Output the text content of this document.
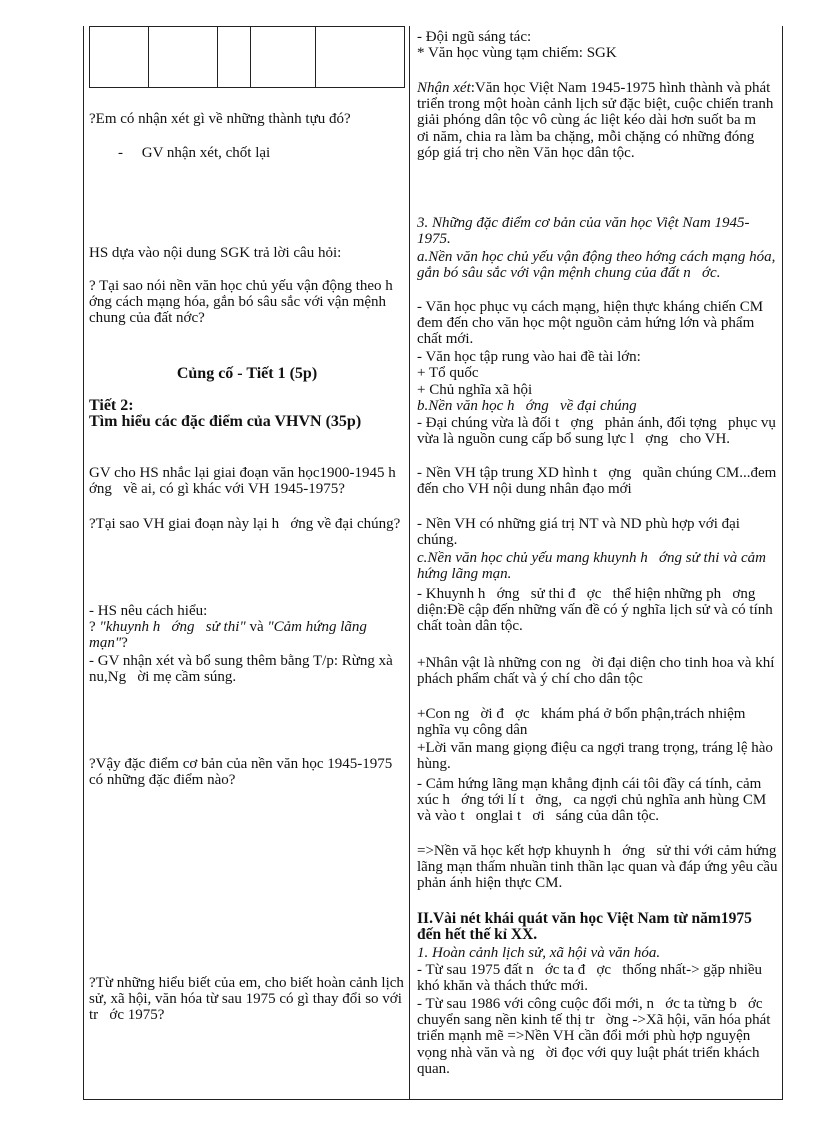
?Em có nhận xét gì về những thành tựu đó?

-     GV nhận xét, chốt lại

HS dựa vào nội dung SGK trả lời câu hỏi:

? Tại sao nói nền văn học chủ yếu vận động theo h   ớng cách mạng hóa, gắn bó sâu sắc với vận mệnh chung của đất nớc?

Củng cố - Tiết 1 (5p)

Tiết 2:

Tìm hiểu các đặc điểm của VHVN (35p)

GV cho HS nhắc lại giai đoạn văn học1900-1945 h   ớng   về ai, có gì khác với VH 1945-1975?

?Tại sao VH giai đoạn này lại h   ớng về đại chúng?

- HS nêu cách hiểu:

? "khuynh h   ớng   sử thi" và "Cảm hứng lãng mạn"?

- GV nhận xét và bổ sung thêm bằng T/p: Rừng xà nu,Ng   ời mẹ cầm súng.

?Vậy đặc điểm cơ bản của nền văn học 1945-1975 có những đặc điểm nào?

?Từ những hiểu biết của em, cho biết hoàn cảnh lịch sử, xã hội, văn hóa từ sau 1975 có gì thay đổi so với tr   ớc 1975?

- Đội ngũ sáng tác:

* Văn học vùng tạm chiếm: SGK

Nhận xét:Văn học Việt Nam 1945-1975 hình thành và phát triển trong một hoàn cảnh lịch sử đặc biệt, cuộc chiến tranh giải phóng dân tộc vô cùng ác liệt kéo dài hơn suốt ba m   ơi năm, chia ra làm ba chặng, mỗi chặng có những đóng góp giá trị cho nền Văn học dân tộc.

3. Những đặc điểm cơ bản của văn học Việt Nam 1945-1975.

a.Nền văn học chủ yếu vận động theo hớng cách mạng hóa, gắn bó sâu sắc với vận mệnh chung của đất n   ớc.

- Văn học phục vụ cách mạng, hiện thực kháng chiến CM đem đến cho văn học một nguồn cảm hứng lớn và phẩm chất mới.

- Văn học tập rung vào hai đề tài lớn:

+ Tổ quốc

+ Chủ nghĩa xã hội

b.Nền văn học h   ớng   về đại chúng

- Đại chúng vừa là đối t   ợng   phản ánh, đối tợng   phục vụ vừa là nguồn cung cấp bổ sung lực l   ợng   cho VH.

- Nền VH tập trung XD hình t   ợng   quần chúng CM...đem  đến cho VH nội dung nhân đạo mới

- Nền VH có những giá trị NT và ND phù hợp với đại chúng.

c.Nền văn học chủ yếu mang khuynh h   ớng sử thi và cảm hứng lãng mạn.

- Khuynh h   ớng   sử thi đ   ợc   thể hiện những ph   ơng diện:Đề cập đến những vấn đề có ý nghĩa lịch sử và có tính chất toàn dân tộc.

+Nhân vật là những con ng   ời đại diện cho tinh hoa và khí phách phẩm chất và ý chí cho dân tộc

+Con ng   ời đ   ợc   khám phá ở bổn phận,trách nhiệm nghĩa vụ công dân

+Lời văn mang giọng điệu ca ngợi trang trọng, tráng lệ hào hùng.

- Cảm hứng lãng mạn khẳng định cái tôi đầy cá tính, cảm xúc h   ớng tới lí t   ởng,   ca ngợi chủ nghĩa anh hùng CM và vào t   onglai t   ơi   sáng của dân tộc.

=>Nền vă học kết hợp khuynh h   ớng   sử thi với cảm hứng lãng mạn thấm nhuần tinh thần lạc quan và đáp ứng yêu cầu phản ánh hiện thực CM.

II.Vài nét khái quát văn học Việt Nam từ năm1975 đến hết thế kỉ XX.

1. Hoàn cảnh lịch sử, xã hội và văn hóa.

- Từ sau 1975 đất n   ớc ta đ   ợc   thống nhất-> gặp nhiều khó khăn và thách thức mới.

- Từ sau 1986 với công cuộc đổi mới, n   ớc ta từng b   ớc chuyển sang nền kinh tế thị tr   ờng ->Xã hội, văn hóa phát triển mạnh mẽ =>Nền VH cần đổi mới phù hợp nguyện vọng nhà văn và ng   ời đọc với quy luật phát triển khách quan.
